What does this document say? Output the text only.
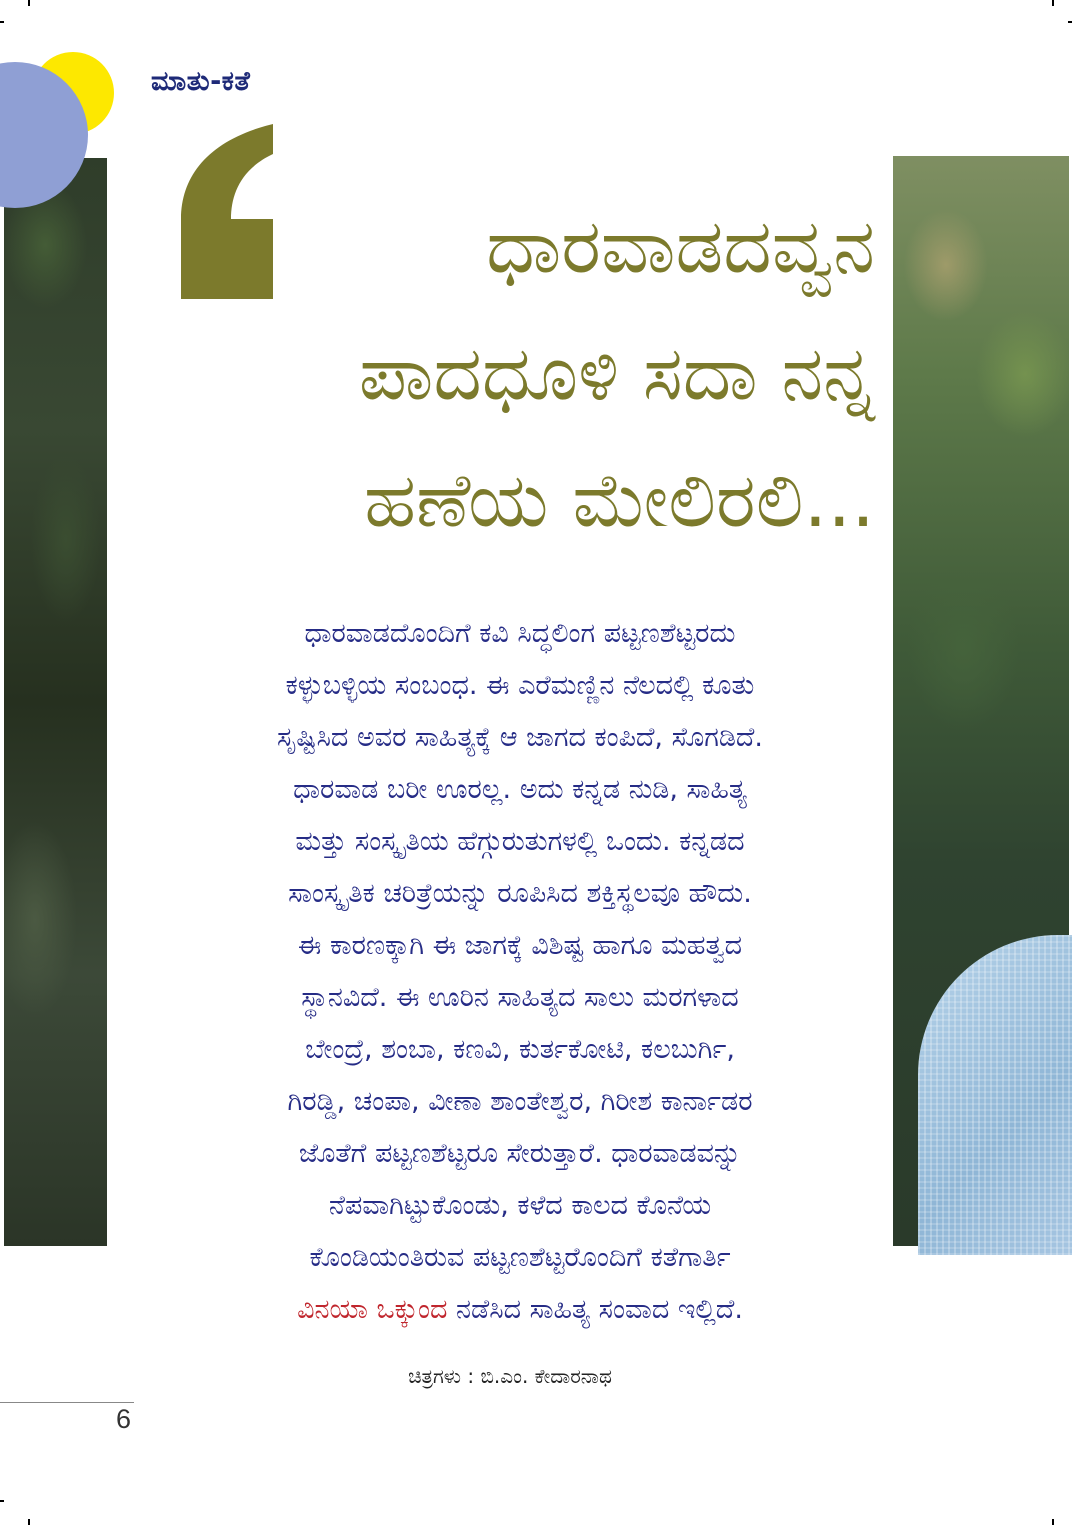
ಮಾತು-ಕತೆ
ಧಾರವಾಡದವ್ವನ
ಪಾದಧೂಳಿ ಸದಾ ನನ್ನ
ಹಣೆಯ ಮೇಲಿರಲಿ...
ಧಾರವಾಡದೊಂದಿಗೆ ಕವಿ ಸಿದ್ಧಲಿಂಗ ಪಟ್ಟಣಶೆಟ್ಟರದು
ಕಳ್ಳುಬಳ್ಳಿಯ ಸಂಬಂಧ. ಈ ಎರೆಮಣ್ಣಿನ ನೆಲದಲ್ಲಿ ಕೂತು
ಸೃಷ್ಟಿಸಿದ ಅವರ ಸಾಹಿತ್ಯಕ್ಕೆ ಆ ಜಾಗದ ಕಂಪಿದೆ, ಸೊಗಡಿದೆ.
ಧಾರವಾಡ ಬರೀ ಊರಲ್ಲ. ಅದು ಕನ್ನಡ ನುಡಿ, ಸಾಹಿತ್ಯ
ಮತ್ತು ಸಂಸ್ಕೃತಿಯ ಹೆಗ್ಗುರುತುಗಳಲ್ಲಿ ಒಂದು. ಕನ್ನಡದ
ಸಾಂಸ್ಕೃತಿಕ ಚರಿತ್ರೆಯನ್ನು ರೂಪಿಸಿದ ಶಕ್ತಿಸ್ಥಲವೂ ಹೌದು.
ಈ ಕಾರಣಕ್ಕಾಗಿ ಈ ಜಾಗಕ್ಕೆ ವಿಶಿಷ್ಟ ಹಾಗೂ ಮಹತ್ವದ
ಸ್ಥಾನವಿದೆ. ಈ ಊರಿನ ಸಾಹಿತ್ಯದ ಸಾಲು ಮರಗಳಾದ
ಬೇಂದ್ರೆ, ಶಂಬಾ, ಕಣವಿ, ಕುರ್ತಕೋಟಿ, ಕಲಬುರ್ಗಿ,
ಗಿರಡ್ಡಿ, ಚಂಪಾ, ವೀಣಾ ಶಾಂತೇಶ್ವರ, ಗಿರೀಶ ಕಾರ್ನಾಡರ
ಜೊತೆಗೆ ಪಟ್ಟಣಶೆಟ್ಟರೂ ಸೇರುತ್ತಾರೆ. ಧಾರವಾಡವನ್ನು
ನೆಪವಾಗಿಟ್ಟುಕೊಂಡು, ಕಳೆದ ಕಾಲದ ಕೊನೆಯ
ಕೊಂಡಿಯಂತಿರುವ ಪಟ್ಟಣಶೆಟ್ಟರೊಂದಿಗೆ ಕತೆಗಾರ್ತಿ
ವಿನಯಾ ಒಕ್ಕುಂದ ನಡೆಸಿದ ಸಾಹಿತ್ಯ ಸಂವಾದ ಇಲ್ಲಿದೆ.
ಚಿತ್ರಗಳು : ಬಿ.ಎಂ. ಕೇದಾರನಾಥ
6
